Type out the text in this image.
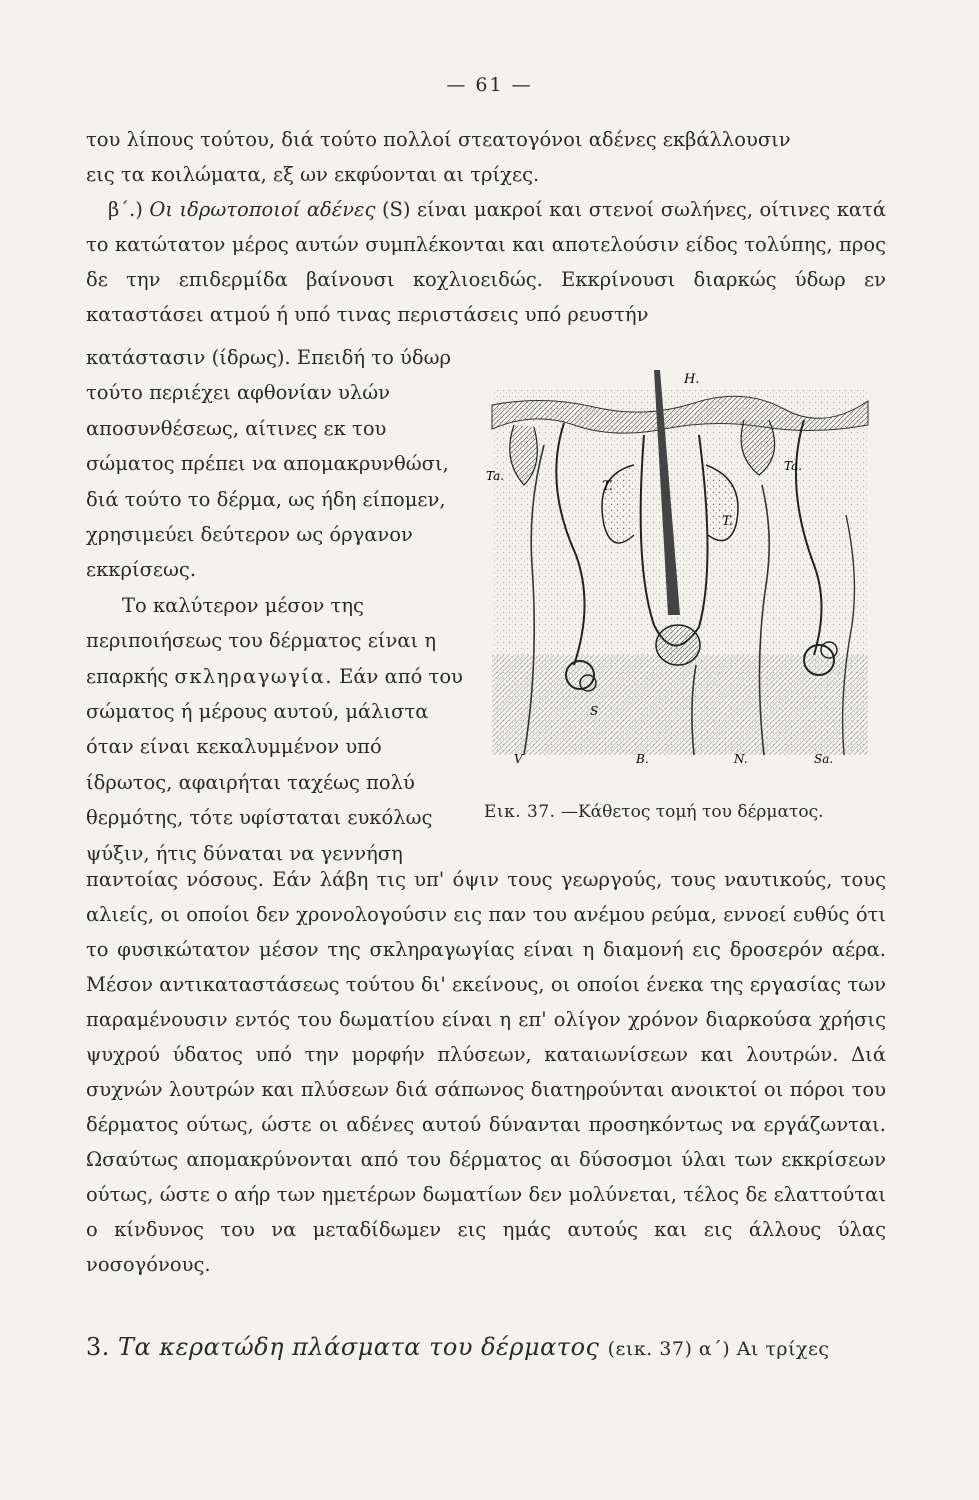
— 61 —
του λίπους τούτου, διά τούτο πολλοί στεατογόνοι αδένες εκβάλλουσιν
εις τα κοιλώματα, εξ ων εκφύονται αι τρίχες.

β΄.) Οι ιδρωτοποιοί αδένες (S) είναι μακροί και στενοί σωλήνες, οίτινες κατά το κατώτατον μέρος αυτών συμπλέκονται και αποτελούσιν είδος τολύπης, προς δε την επιδερμίδα βαίνουσι κοχλιοειδώς. Εκκρίνουσι διαρκώς ύδωρ εν καταστάσει ατμού ή υπό τινας περιστάσεις υπό ρευστήν
κατάστασιν (ίδρως). Επειδή το ύδωρ τούτο περιέχει αφθονίαν υλών αποσυνθέσεως, αίτινες εκ του σώματος πρέπει να απομακρυνθώσι, διά τούτο το δέρμα, ως ήδη είπομεν, χρησιμεύει δεύτερον ως όργανον εκκρίσεως.
Το καλύτερον μέσον της περιποιήσεως του δέρματος είναι η επαρκής σκληραγωγία. Εάν από του σώματος ή μέρους αυτού, μάλιστα όταν είναι κεκαλυμμένον υπό ίδρωτος, αφαιρήται ταχέως πολύ θερμότης, τότε υφίσταται ευκόλως ψύξιν, ήτις δύναται να γεννήση
H.
Ta.
Ta.
T.
T.
S
V	B.	N.	Sa.
Εικ. 37. —Κάθετος τομή του δέρματος.
παντοίας νόσους. Εάν λάβη τις υπ' όψιν τους γεωργούς, τους ναυτικούς, τους αλιείς, οι οποίοι δεν χρονολογούσιν εις παν του ανέμου ρεύμα, εννοεί ευθύς ότι το φυσικώτατον μέσον της σκληραγωγίας είναι η διαμονή εις δροσερόν αέρα. Μέσον αντικαταστάσεως τούτου δι' εκείνους, οι οποίοι ένεκα της εργασίας των παραμένουσιν εντός του δωματίου είναι η επ' ολίγον χρόνον διαρκούσα χρήσις ψυχρού ύδατος υπό την μορφήν πλύσεων, καταιωνίσεων και λουτρών. Διά συχνών λουτρών και πλύσεων διά σάπωνος διατηρούνται ανοικτοί οι πόροι του δέρματος ούτως, ώστε οι αδένες αυτού δύνανται προσηκόντως να εργάζωνται. Ωσαύτως απομακρύνονται από του δέρματος αι δύσοσμοι ύλαι των εκκρίσεων ούτως, ώστε ο αήρ των ημετέρων δωματίων δεν μολύνεται, τέλος δε ελαττούται ο κίνδυνος του να μεταδίδωμεν εις ημάς αυτούς και εις άλλους ύλας νοσογόνους.
3. Τα κερατώδη πλάσματα του δέρματος (εικ. 37) α΄) Αι τρίχες
